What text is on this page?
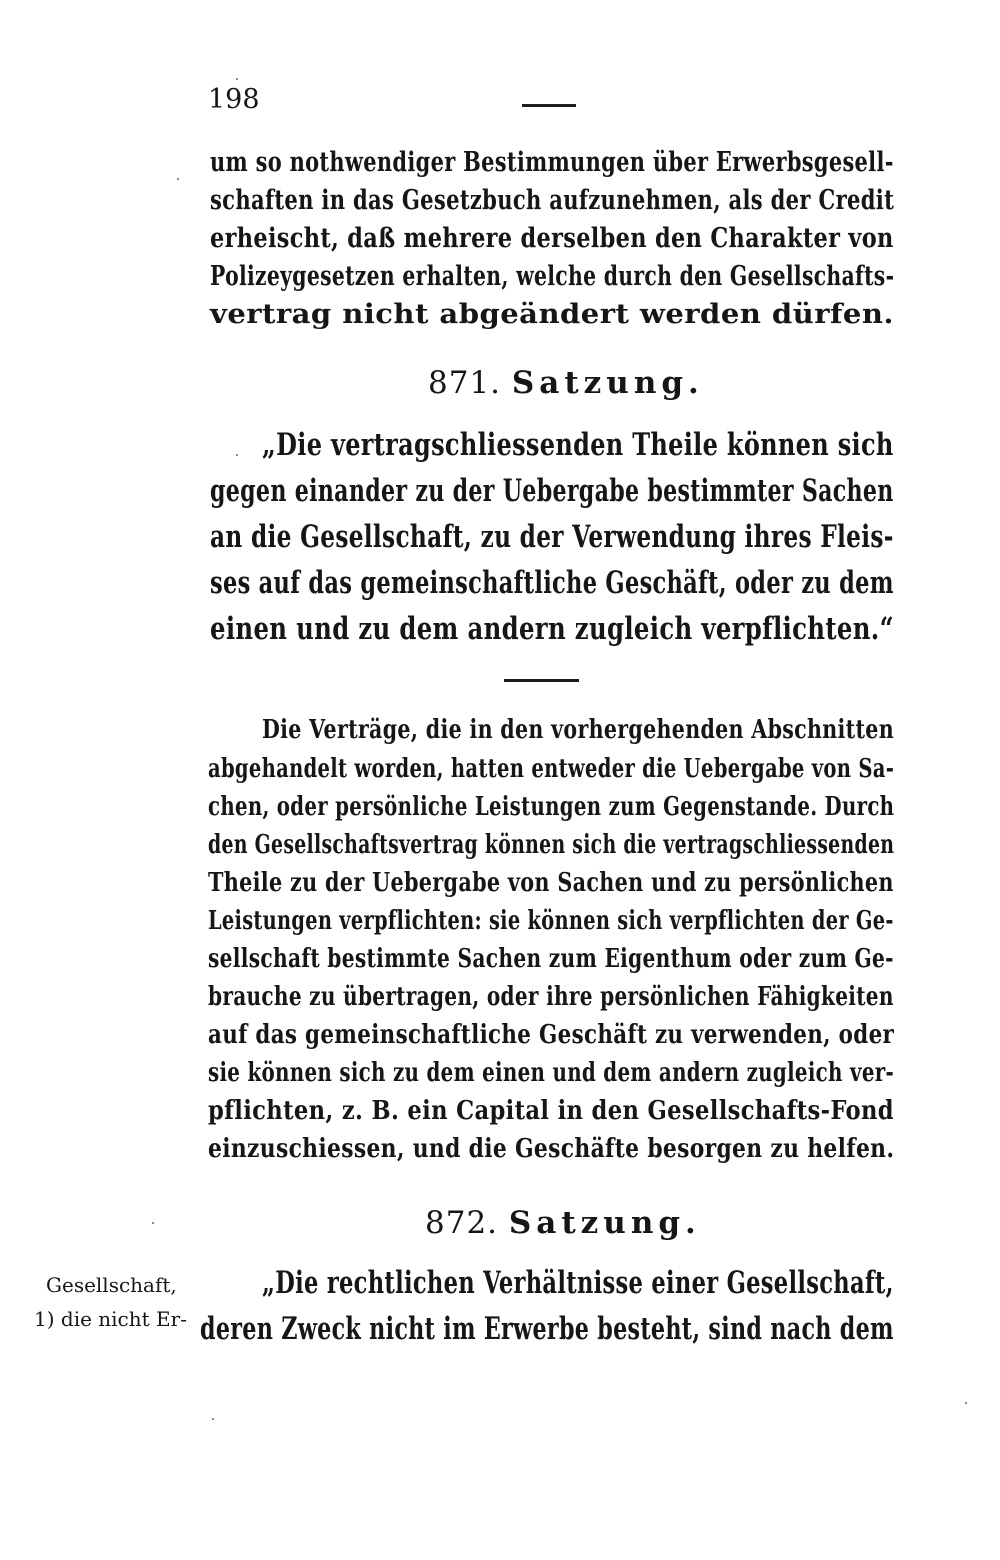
198
um so nothwendiger Bestimmungen über Erwerbsgesell-
schaften in das Gesetzbuch aufzunehmen, als der Credit
erheischt, daß mehrere derselben den Charakter von
Polizeygesetzen erhalten, welche durch den Gesellschafts-
vertrag nicht abgeändert werden dürfen.
871. Satzung.
„Die vertragschliessenden Theile können sich
gegen einander zu der Uebergabe bestimmter Sachen
an die Gesellschaft, zu der Verwendung ihres Fleis-
ses auf das gemeinschaftliche Geschäft, oder zu dem
einen und zu dem andern zugleich verpflichten.“
Die Verträge, die in den vorhergehenden Abschnitten
abgehandelt worden, hatten entweder die Uebergabe von Sa-
chen, oder persönliche Leistungen zum Gegenstande. Durch
den Gesellschaftsvertrag können sich die vertragschliessenden
Theile zu der Uebergabe von Sachen und zu persönlichen
Leistungen verpflichten: sie können sich verpflichten der Ge-
sellschaft bestimmte Sachen zum Eigenthum oder zum Ge-
brauche zu übertragen, oder ihre persönlichen Fähigkeiten
auf das gemeinschaftliche Geschäft zu verwenden, oder
sie können sich zu dem einen und dem andern zugleich ver-
pflichten, z. B. ein Capital in den Gesellschafts-Fond
einzuschiessen, und die Geschäfte besorgen zu helfen.
872. Satzung.
„Die rechtlichen Verhältnisse einer Gesellschaft,
deren Zweck nicht im Erwerbe besteht, sind nach dem
Gesellschaft,
1) die nicht Er-
